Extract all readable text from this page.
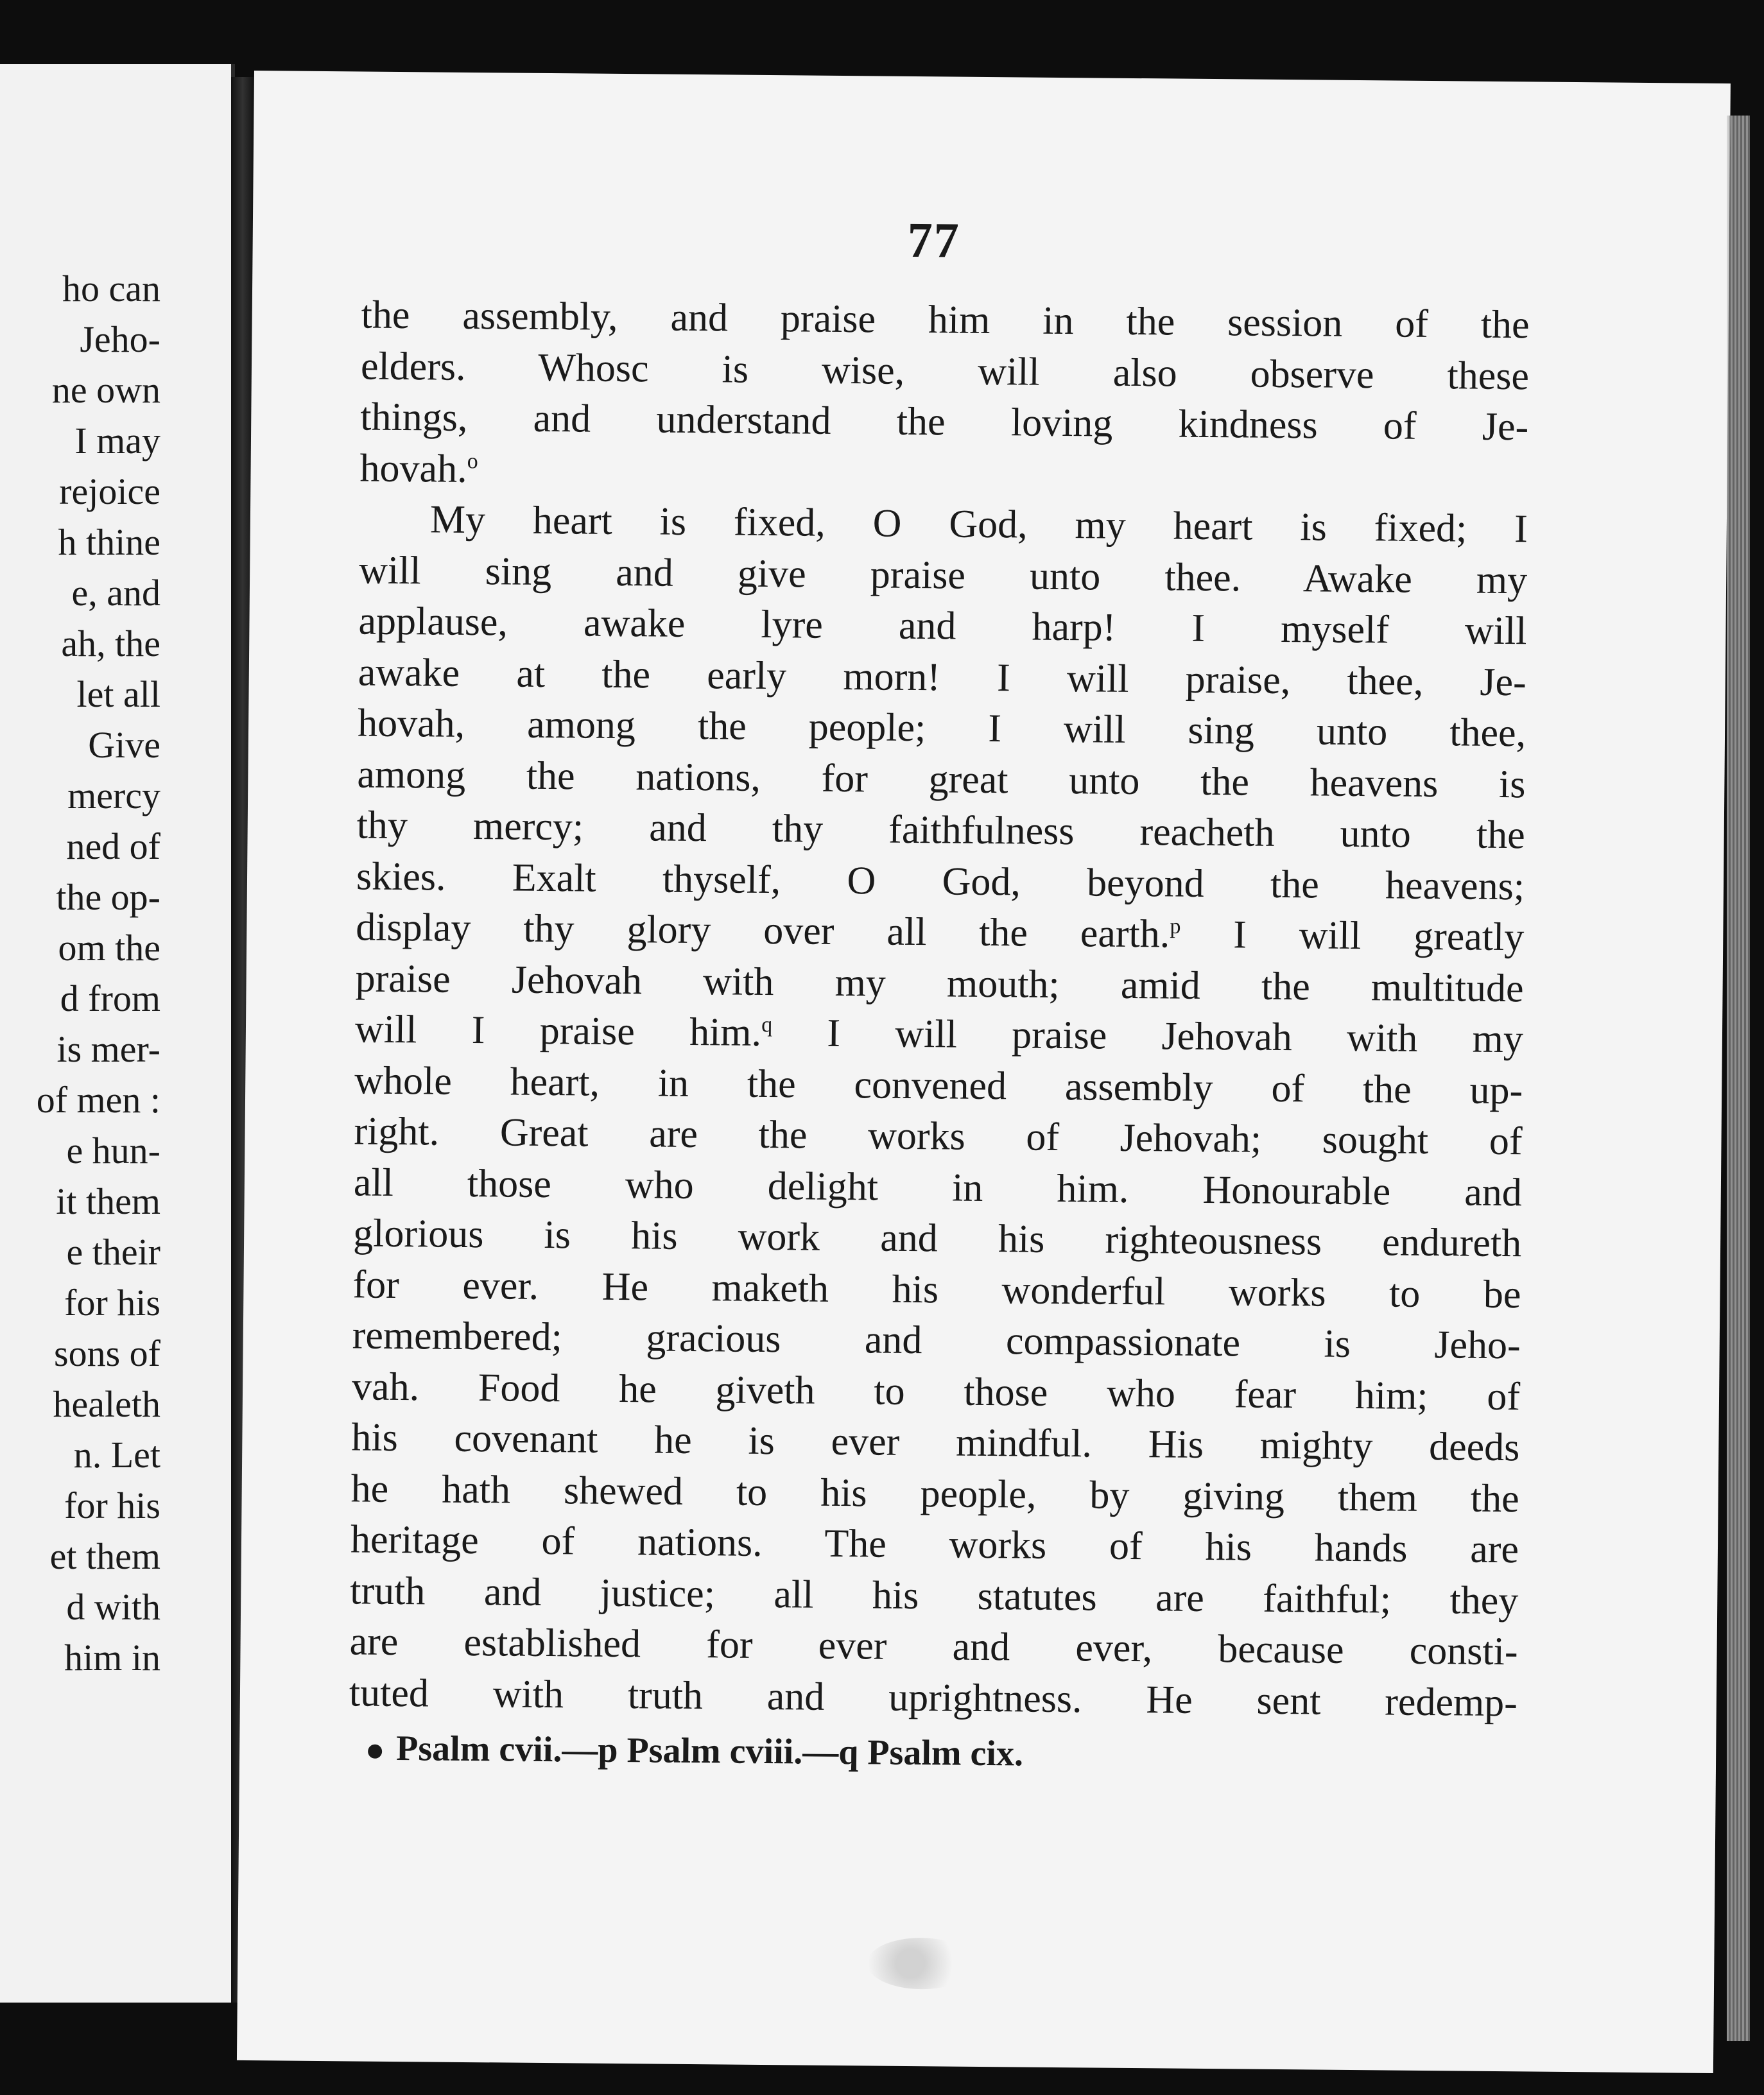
ho can
Jeho-
ne own
I may
rejoice
h thine
e, and
ah, the
let all
Give
mercy
ned of
the op-
om the
d from
is mer-
of men :
e hun-
it them
e their
for his
sons of
healeth
n. Let
for his
et them
d with
him in
77
the assembly, and praise him in the session of the
elders. Whosc is wise, will also observe these
things, and understand the loving kindness of Je-
hovah.$^o$
My heart is fixed, O God, my heart is fixed; I
will sing and give praise unto thee. Awake my
applause, awake lyre and harp! I myself will
awake at the early morn! I will praise, thee, Je-
hovah, among the people; I will sing unto thee,
among the nations, for great unto the heavens is
thy mercy; and thy faithfulness reacheth unto the
skies. Exalt thyself, O God, beyond the heavens;
display thy glory over all the earth.$^p$ I will greatly
praise Jehovah with my mouth; amid the multitude
will I praise him.$^q$ I will praise Jehovah with my
whole heart, in the convened assembly of the up-
right. Great are the works of Jehovah; sought of
all those who delight in him. Honourable and
glorious is his work and his righteousness endureth
for ever. He maketh his wonderful works to be
remembered; gracious and compassionate is Jeho-
vah. Food he giveth to those who fear him; of
his covenant he is ever mindful. His mighty deeds
he hath shewed to his people, by giving them the
heritage of nations. The works of his hands are
truth and justice; all his statutes are faithful; they
are established for ever and ever, because consti-
tuted with truth and uprightness. He sent redemp-
Psalm cvii.—p Psalm cviii.—q Psalm cix.
